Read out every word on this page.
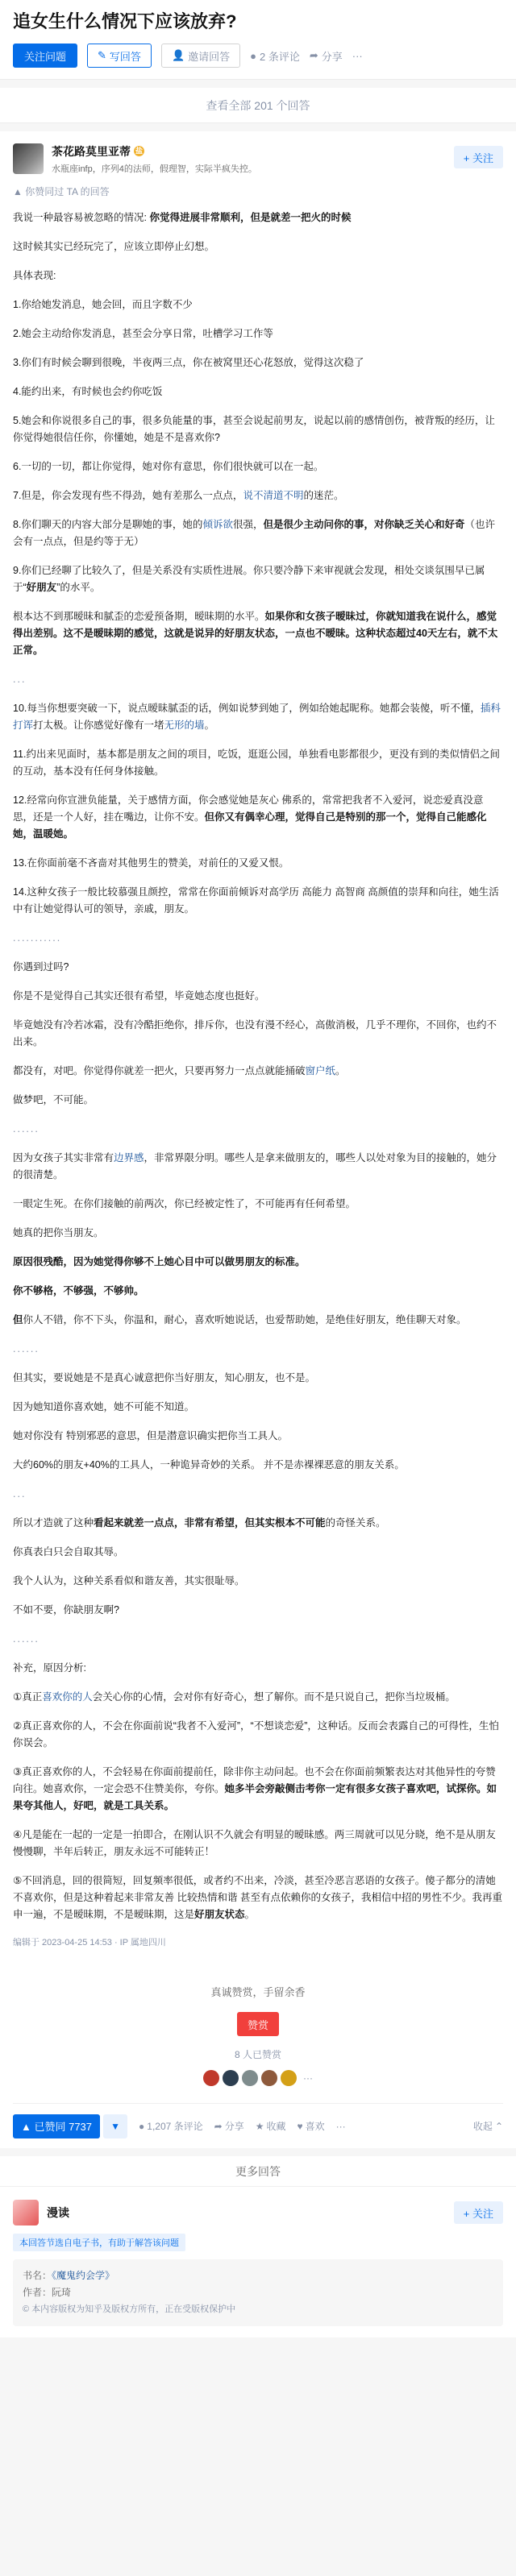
追女生什么情况下应该放弃?
关注问题	✎ 写回答	👤 邀请回答 ● 2 条评论 ➦ 分享 ···
查看全部 201 个回答
茶花路莫里亚蒂 盐
水瓶座infp，序列4的法师，假理智，实际半疯失控。
+ 关注
▲ 你赞同过 TA 的回答

我说一种最容易被忽略的情况: 你觉得进展非常顺利，但是就差一把火的时候

这时候其实已经玩完了，应该立即停止幻想。

具体表现:

1.你给她发消息，她会回，而且字数不少

2.她会主动给你发消息，甚至会分享日常，吐槽学习工作等

3.你们有时候会聊到很晚，半夜两三点，你在被窝里还心花怒放，觉得这次稳了

4.能约出来，有时候也会约你吃饭

5.她会和你说很多自己的事，很多负能量的事，甚至会说起前男友，说起以前的感情创伤，被背叛的经历，让你觉得她很信任你，你懂她，她是不是喜欢你?

6.一切的一切，都让你觉得，她对你有意思，你们很快就可以在一起。

7.但是，你会发现有些不得劲，她有差那么一点点，说不清道不明的迷茫。

8.你们聊天的内容大部分是聊她的事，她的倾诉欲很强，但是很少主动问你的事，对你缺乏关心和好奇（也许会有一点点，但是约等于无）

9.你们已经聊了比较久了，但是关系没有实质性进展。你只要冷静下来审视就会发现，相处交谈氛围早已属于“好朋友”的水平。

根本达不到那暧昧和腻歪的恋爱预备期，暧昧期的水平。如果你和女孩子暧昧过，你就知道我在说什么，感觉得出差别。这不是暧昧期的感觉，这就是说异的好朋友状态，一点也不暧昧。这种状态超过40天左右，就不太正常。

...

10.每当你想要突破一下，说点暧昧腻歪的话，例如说梦到她了，例如给她起昵称。她都会装傻，听不懂，插科打诨打太极。让你感觉好像有一堵无形的墙。

11.约出来见面时，基本都是朋友之间的项目，吃饭，逛逛公园，单独看电影都很少，更没有到的类似情侣之间的互动，基本没有任何身体接触。

12.经常向你宣泄负能量，关于感情方面，你会感觉她是灰心 佛系的，常常把我者不入爱河，说恋爱真没意思，还是一个人好，挂在嘴边，让你不安。但你又有偶幸心理，觉得自己是特别的那一个，觉得自己能感化她，温暖她。

13.在你面前毫不吝啬对其他男生的赞美，对前任的又爱又恨。

14.这种女孩子一般比较慕强且颜控，常常在你面前倾诉对高学历 高能力 高智商 高颜值的崇拜和向往，她生活中有让她觉得认可的领导，亲戚，朋友。

...........

你遇到过吗?

你是不是觉得自己其实还很有希望，毕竟她态度也挺好。

毕竟她没有冷若冰霜，没有冷酷拒绝你，排斥你，也没有漫不经心，高傲消极，几乎不理你，不回你，也约不出来。

都没有，对吧。你觉得你就差一把火，只要再努力一点点就能捅破窗户纸。

做梦吧，不可能。

......

因为女孩子其实非常有边界感，非常界限分明。哪些人是拿来做朋友的，哪些人以处对象为目的接触的，她分的很清楚。

一眼定生死。在你们接触的前两次，你已经被定性了，不可能再有任何希望。

她真的把你当朋友。

原因很残酷，因为她觉得你够不上她心目中可以做男朋友的标准。

你不够格，不够强，不够帅。

但你人不错，你不下头，你温和，耐心，喜欢听她说话，也爱帮助她，是绝佳好朋友，绝佳聊天对象。

......

但其实，要说她是不是真心诚意把你当好朋友，知心朋友，也不是。

因为她知道你喜欢她，她不可能不知道。

她对你没有 特别邪恶的意思，但是潜意识确实把你当工具人。

大约60%的朋友+40%的工具人，一种诡异奇妙的关系。 并不是赤裸裸恶意的朋友关系。

...

所以才造就了这种看起来就差一点点，非常有希望，但其实根本不可能的奇怪关系。

你真表白只会自取其辱。

我个人认为，这种关系看似和谐友善，其实很耻辱。

不如不要，你缺朋友啊?

......

补充，原因分析:

①真正喜欢你的人会关心你的心情，会对你有好奇心，想了解你。而不是只说自己，把你当垃圾桶。

②真正喜欢你的人，不会在你面前说“我者不入爱河”，“不想谈恋爱”，这种话。反而会表露自己的可得性，生怕你误会。

③真正喜欢你的人，不会轻易在你面前提前任，除非你主动问起。也不会在你面前频繁表达对其他异性的夸赞向往。她喜欢你，一定会恐不住赞美你，夸你。她多半会旁敲侧击考你一定有很多女孩子喜欢吧，试探你。如果夸其他人，好吧，就是工具关系。

④凡是能在一起的一定是一拍即合，在刚认识不久就会有明显的暧昧感。两三周就可以见分晓，绝不是从朋友慢慢聊，半年后转正，朋友永远不可能转正！

⑤不回消息，回的很简短，回复频率很低，或者约不出来，冷淡，甚至冷恶言恶语的女孩子。傻子都分的清她不喜欢你，但是这种着起来非常友善 比较热情和谐 甚至有点依赖你的女孩子，我相信中招的男性不少。我再重申一遍，不是暧昧期，不是暧昧期，这是好朋友状态。

编辑于 2023-04-25 14:53 · IP 属地四川
真诚赞赏，手留余香
赞赏
8 人已赞赏
···
▲ 已赞同 7737	▼	● 1,207 条评论 ➦ 分享 ★ 收藏 ♥ 喜欢 ···	收起 ⌃
更多回答
漫读	+ 关注
本回答节选自电子书，有助于解答该问题
书名：《魔鬼约会学》
作者：阮琦
© 本内容版权为知乎及版权方所有，正在受版权保护中
